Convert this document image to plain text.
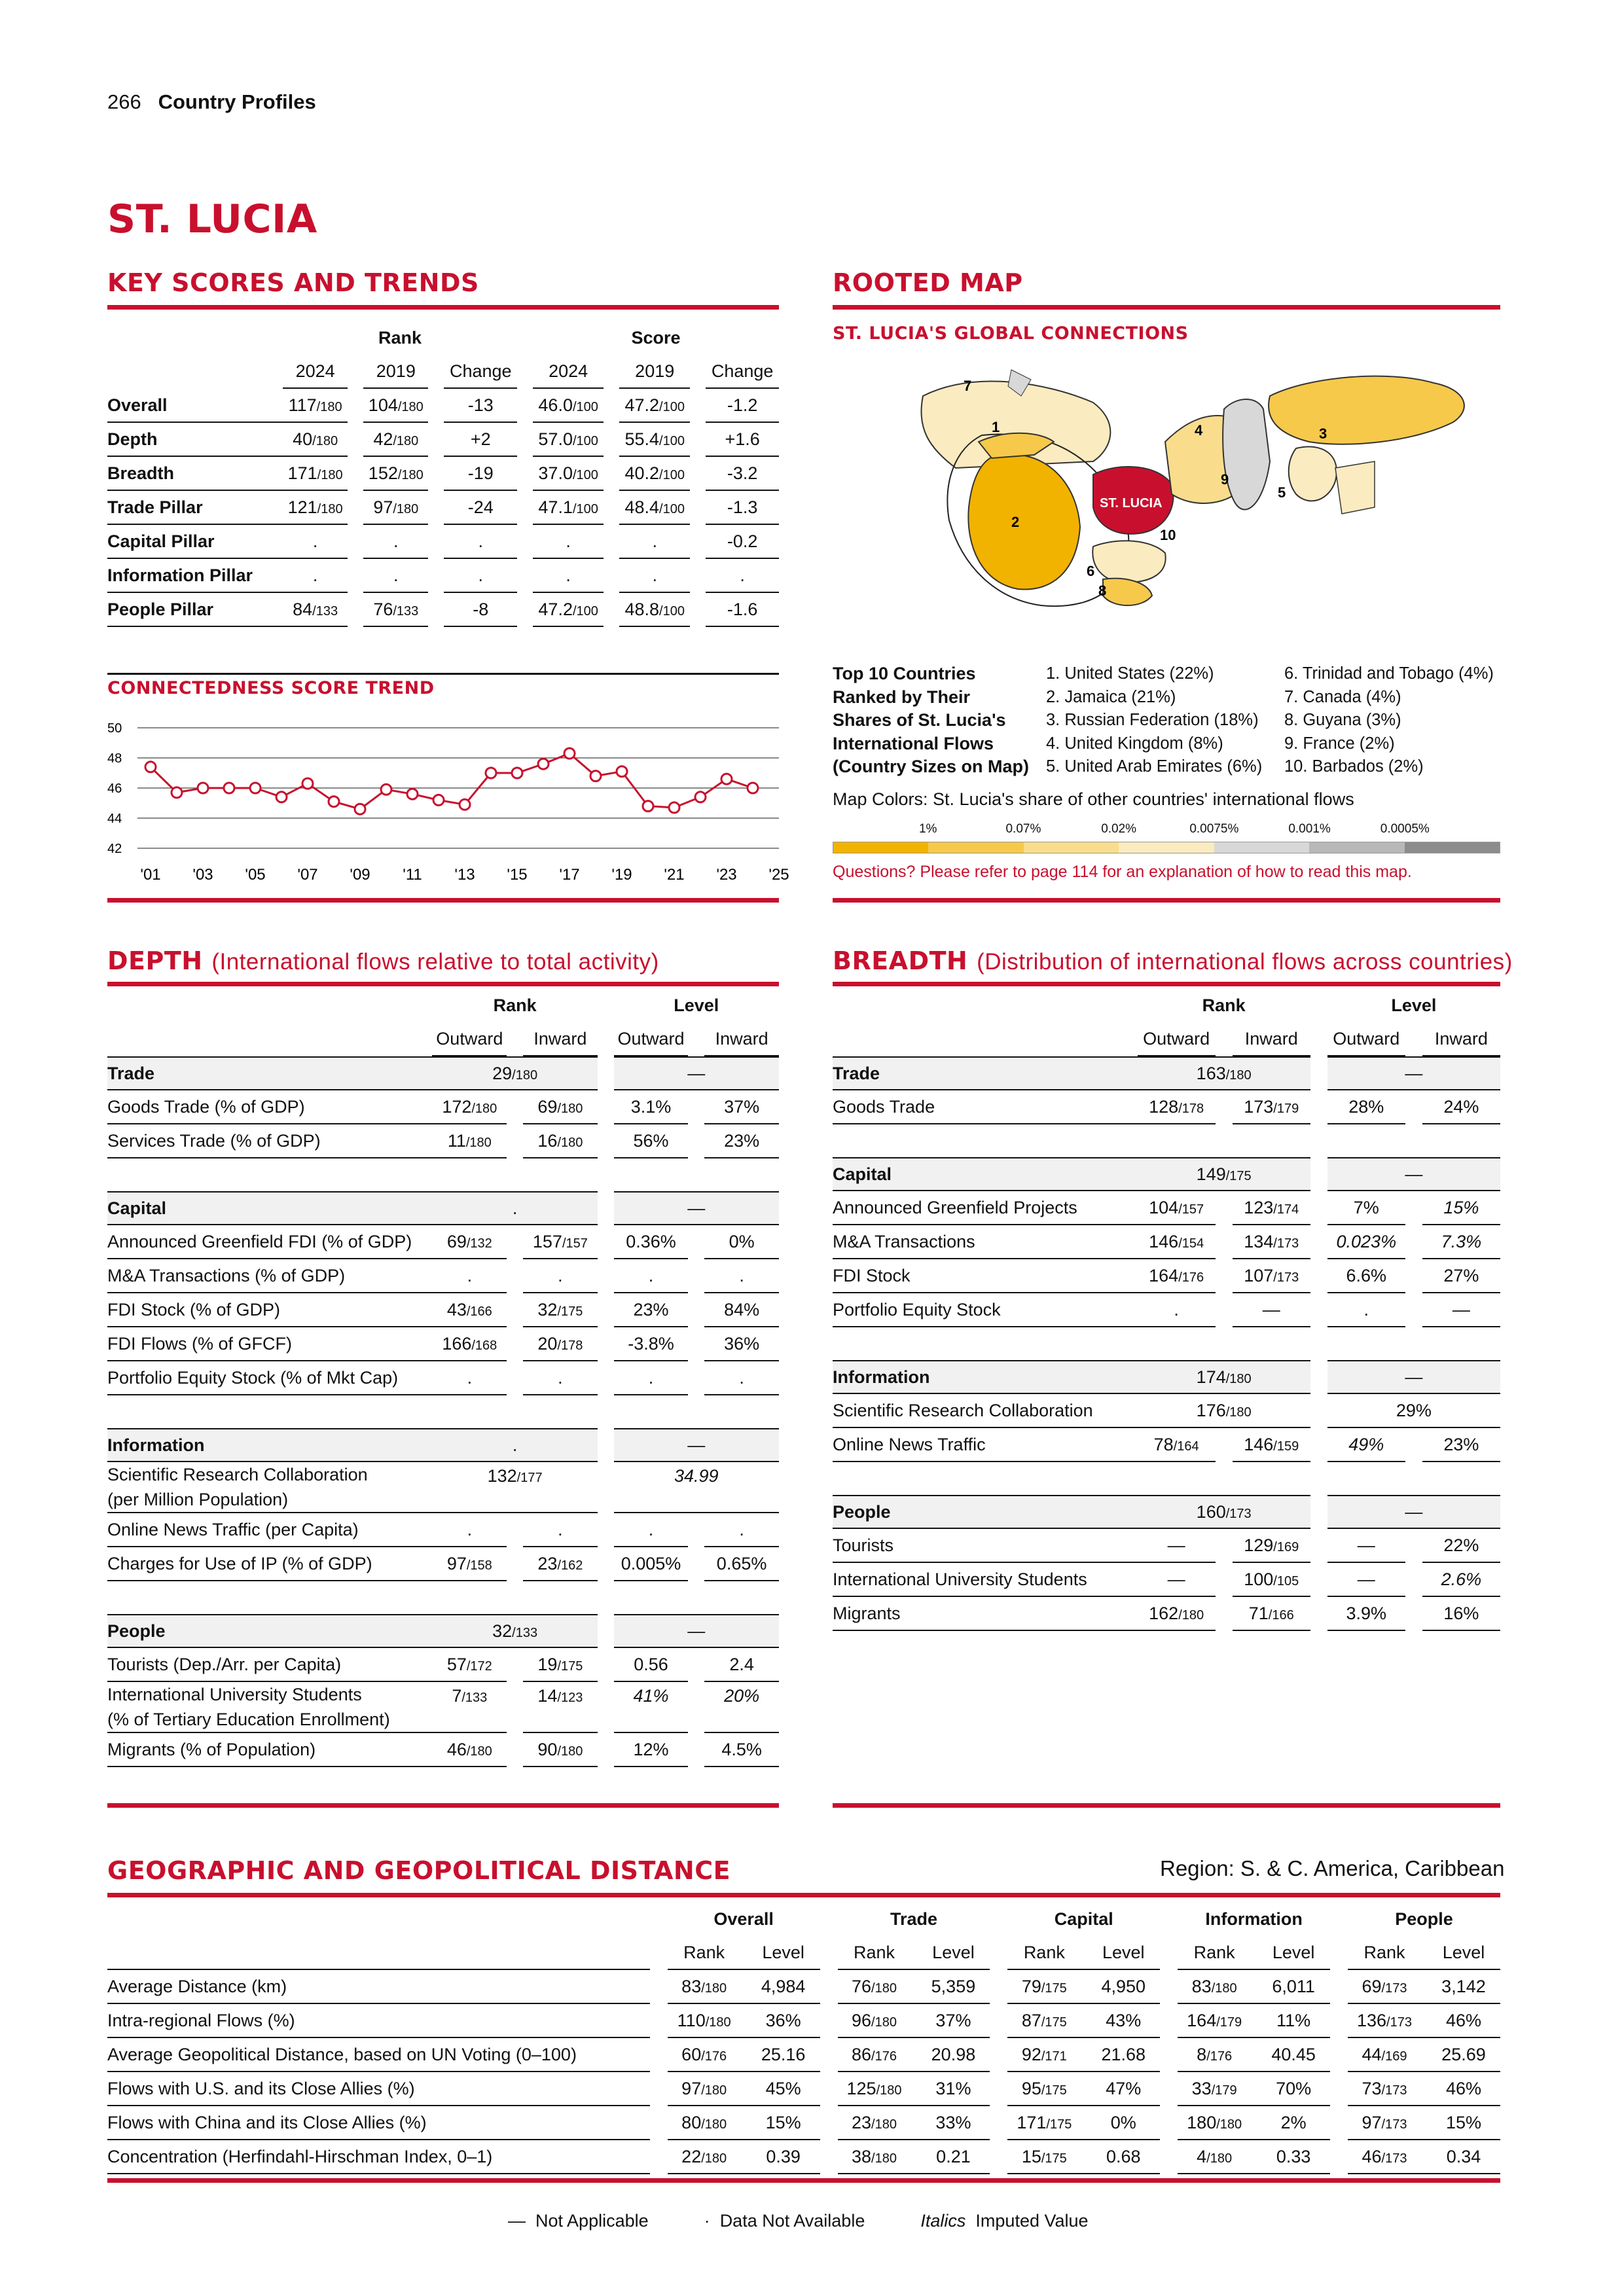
266 Country Profiles
ST. LUCIA
KEY SCORES AND TRENDS
	Rank						Score				
	2024		2019		Change		2024		2019		Change
Overall	117/180		104/180		-13		46.0/100		47.2/100		-1.2
Depth	40/180		42/180		+2		57.0/100		55.4/100		+1.6
Breadth	171/180		152/180		-19		37.0/100		40.2/100		-3.2
Trade Pillar	121/180		97/180		-24		47.1/100		48.4/100		-1.3
Capital Pillar	.		.		.		.		.		-0.2
Information Pillar	.		.		.		.		.		.
People Pillar	84/133		76/133		-8		47.2/100		48.8/100		-1.6
CONNECTEDNESS SCORE TREND
42
44
46
48
50
'01 '03 '05 '07 '09 '11 '13 '15 '17 '19 '21 '23 '25
ROOTED MAP
ST. LUCIA'S GLOBAL CONNECTIONS
1
2
3
4
5
6
7
8
9
10
ST. LUCIA
Top 10 Countries
Ranked by Their
Shares of St. Lucia's
International Flows
(Country Sizes on Map)
1. United States (22%)
2. Jamaica (21%)
3. Russian Federation (18%)
4. United Kingdom (8%)
5. United Arab Emirates (6%)
6. Trinidad and Tobago (4%)
7. Canada (4%)
8. Guyana (3%)
9. France (2%)
10. Barbados (2%)
Map Colors: St. Lucia's share of other countries' international flows
1%	0.07%	0.02%	0.0075%	0.001%	0.0005%
Questions? Please refer to page 114 for an explanation of how to read this map.
DEPTH (International flows relative to total activity)
	Rank				Level		
	Outward		Inward		Outward		Inward
Trade	29/180				—		
Goods Trade (% of GDP)	172/180		69/180		3.1%		37%
Services Trade (% of GDP)	11/180		16/180		56%		23%

Capital	.				—		
Announced Greenfield FDI (% of GDP)	69/132		157/157		0.36%		0%
M&A Transactions (% of GDP)	.		.		.		.
FDI Stock (% of GDP)	43/166		32/175		23%		84%
FDI Flows (% of GFCF)	166/168		20/178		-3.8%		36%
Portfolio Equity Stock (% of Mkt Cap)	.		.		.		.

Information	.				—		
Scientific Research Collaboration
(per Million Population)	132/177				34.99		
Online News Traffic (per Capita)	.		.		.		.
Charges for Use of IP (% of GDP)	97/158		23/162		0.005%		0.65%

People	32/133				—		
Tourists (Dep./Arr. per Capita)	57/172		19/175		0.56		2.4
International University Students
(% of Tertiary Education Enrollment)	7/133		14/123		41%		20%
Migrants (% of Population)	46/180		90/180		12%		4.5%
BREADTH (Distribution of international flows across countries)
	Rank				Level		
	Outward		Inward		Outward		Inward
Trade	163/180				—		
Goods Trade	128/178		173/179		28%		24%

Capital	149/175				—		
Announced Greenfield Projects	104/157		123/174		7%		15%
M&A Transactions	146/154		134/173		0.023%		7.3%
FDI Stock	164/176		107/173		6.6%		27%
Portfolio Equity Stock	.		—		.		—

Information	174/180				—		
Scientific Research Collaboration	176/180				29%		
Online News Traffic	78/164		146/159		49%		23%

People	160/173				—		
Tourists	—		129/169		—		22%
International University Students	—		100/105		—		2.6%
Migrants	162/180		71/166		3.9%		16%
GEOGRAPHIC AND GEOPOLITICAL DISTANCE	Region: S. & C. America, Caribbean
		Overall				Trade				Capital				Information				People		
		Rank		Level		Rank		Level		Rank		Level		Rank		Level		Rank		Level
Average Distance (km)		83/180		4,984		76/180		5,359		79/175		4,950		83/180		6,011		69/173		3,142
Intra-regional Flows (%)		110/180		36%		96/180		37%		87/175		43%		164/179		11%		136/173		46%
Average Geopolitical Distance, based on UN Voting (0–100)		60/176		25.16		86/176		20.98		92/171		21.68		8/176		40.45		44/169		25.69
Flows with U.S. and its Close Allies (%)		97/180		45%		125/180		31%		95/175		47%		33/179		70%		73/173		46%
Flows with China and its Close Allies (%)		80/180		15%		23/180		33%		171/175		0%		180/180		2%		97/173		15%
Concentration (Herfindahl-Hirschman Index, 0–1)		22/180		0.39		38/180		0.21		15/175		0.68		4/180		0.33		46/173		0.34
— Not Applicable	· Data Not Available	Italics Imputed Value
